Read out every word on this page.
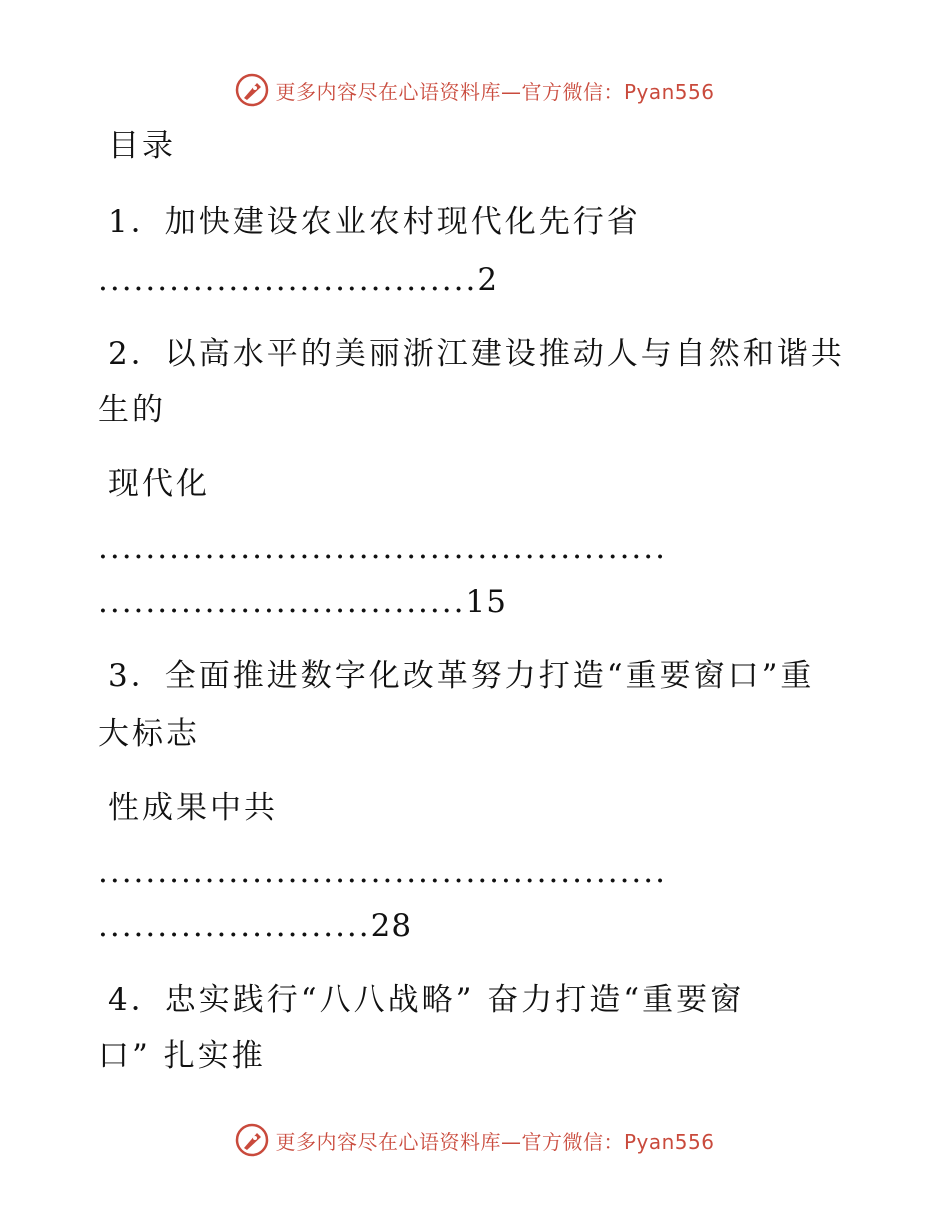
更多内容尽在心语资料库—官方微信：Pyan556
目录
1．加快建设农业农村现代化先行省
................................2
2．以高水平的美丽浙江建设推动人与自然和谐共
生的
现代化
................................................
...............................15
3．全面推进数字化改革努力打造“重要窗口”重
大标志
性成果中共
................................................
.......................28
4．忠实践行“八八战略” 奋力打造“重要窗
口” 扎实推
更多内容尽在心语资料库—官方微信：Pyan556
